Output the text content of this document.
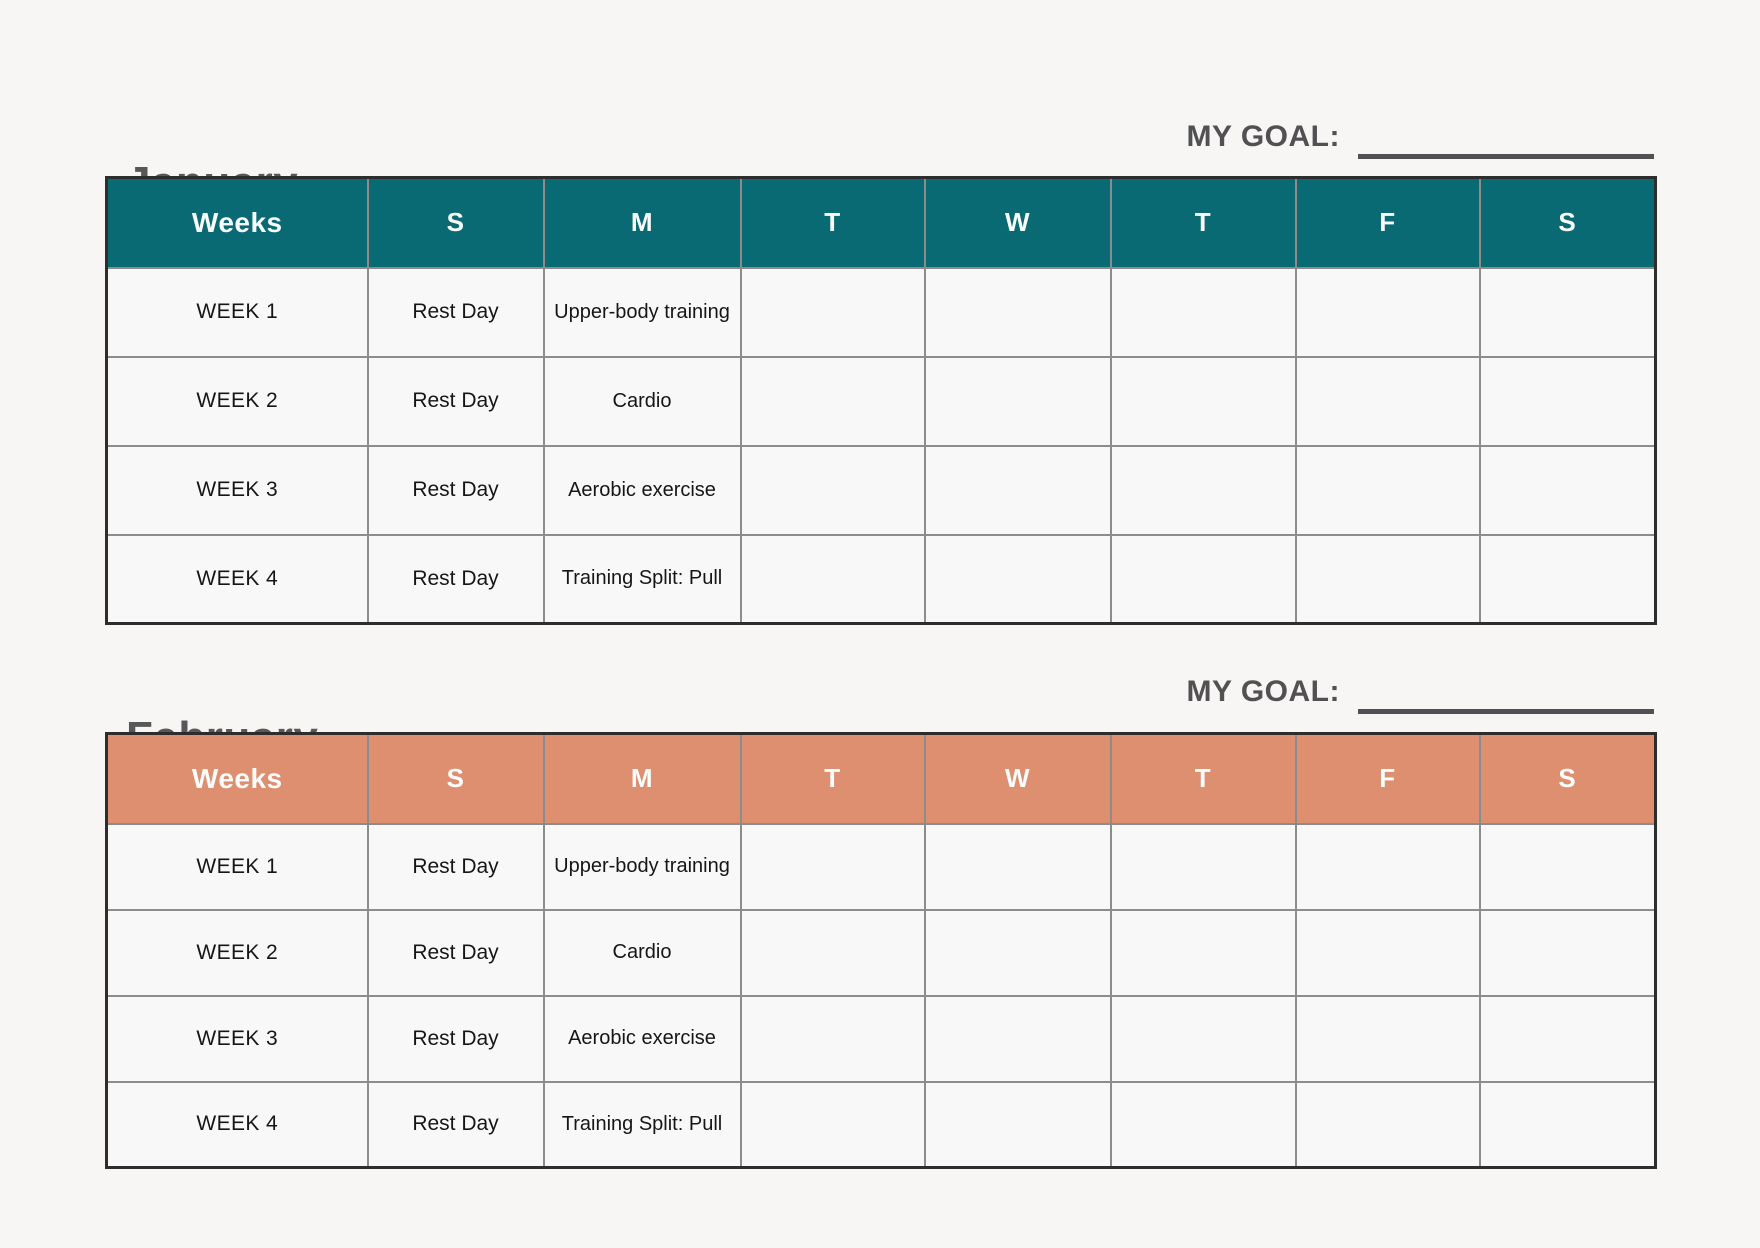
MY GOAL:
Weeks	S	M	T	W	T	F	S
WEEK 1	Rest Day	Upper-body training					
WEEK 2	Rest Day	Cardio					
WEEK 3	Rest Day	Aerobic exercise					
WEEK 4	Rest Day	Training Split: Pull					
MY GOAL:
Weeks	S	M	T	W	T	F	S
WEEK 1	Rest Day	Upper-body training					
WEEK 2	Rest Day	Cardio					
WEEK 3	Rest Day	Aerobic exercise					
WEEK 4	Rest Day	Training Split: Pull					
